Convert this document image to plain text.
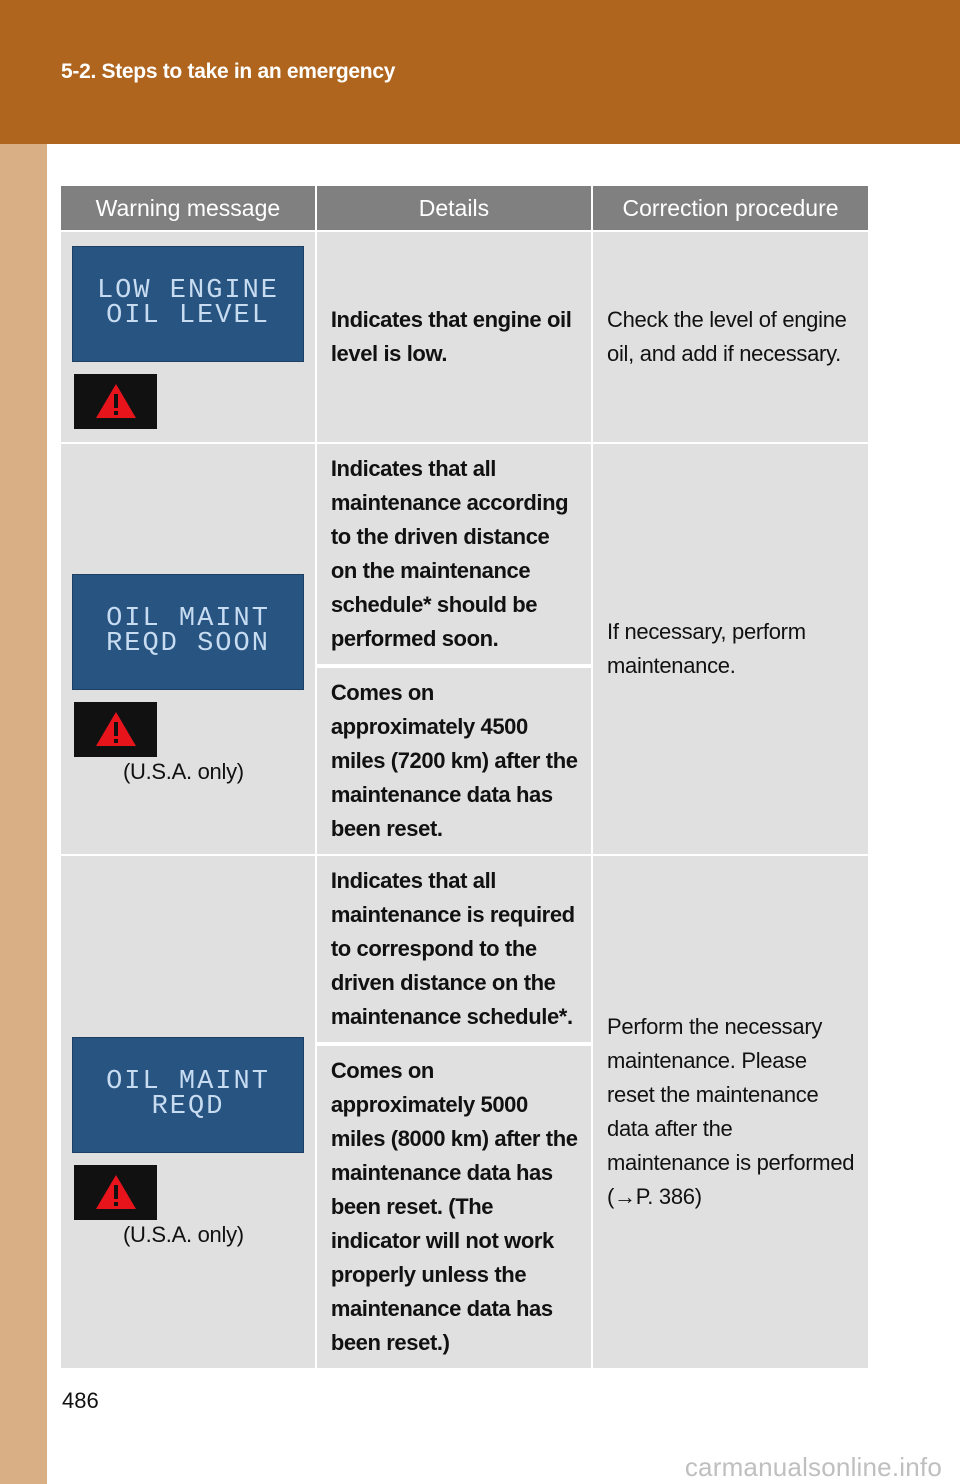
5-2. Steps to take in an emergency
Warning message	Details	Correction procedure

LOW ENGINE
OIL LEVEL	Indicates that engine oil level is low.	Check the level of engine oil, and add if necessary.

OIL MAINT
REQD SOON
(U.S.A. only)	Indicates that all maintenance according to the driven distance on the maintenance schedule* should be performed soon.	If necessary, perform maintenance.

	Comes on approximately 4500 miles (7200 km) after the maintenance data has been reset.	

OIL MAINT
REQD
(U.S.A. only)	Indicates that all maintenance is required to correspond to the driven distance on the maintenance schedule*.	Perform the necessary maintenance. Please reset the maintenance data after the maintenance is performed (→P. 386)

	Comes on approximately 5000 miles (8000 km) after the maintenance data has been reset. (The indicator will not work properly unless the maintenance data has been reset.)	
486
carmanualsonline.info
